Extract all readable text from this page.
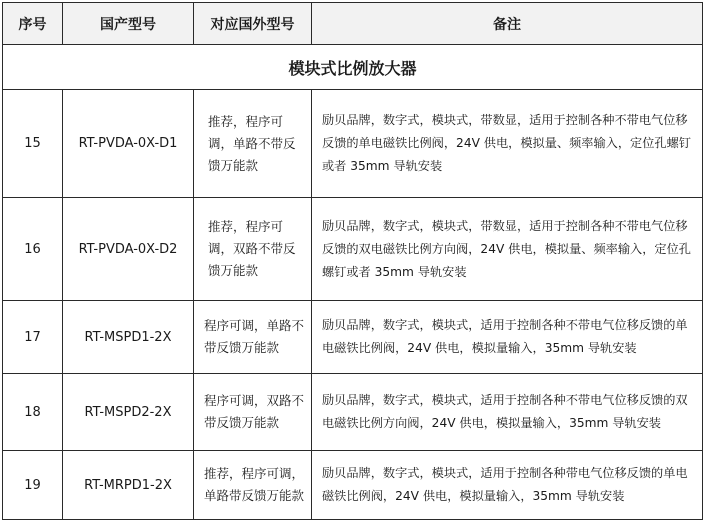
序号	国产型号	对应国外型号	备注
模块式比例放大器			
15	RT-PVDA-0X-D1	推荐，程序可调，单路不带反馈万能款	励贝品牌，数字式，模块式，带数显，适用于控制各种不带电气位移反馈的单电磁铁比例阀，24V 供电，模拟量、频率输入，定位孔螺钉或者 35mm 导轨安装
16	RT-PVDA-0X-D2	推荐，程序可调，双路不带反馈万能款	励贝品牌，数字式，模块式，带数显，适用于控制各种不带电气位移反馈的双电磁铁比例方向阀，24V 供电，模拟量、频率输入，定位孔螺钉或者 35mm 导轨安装
17	RT-MSPD1-2X	程序可调，单路不带反馈万能款	励贝品牌，数字式，模块式，适用于控制各种不带电气位移反馈的单电磁铁比例阀，24V 供电，模拟量输入，35mm 导轨安装
18	RT-MSPD2-2X	程序可调，双路不带反馈万能款	励贝品牌，数字式，模块式，适用于控制各种不带电气位移反馈的双电磁铁比例方向阀，24V 供电，模拟量输入，35mm 导轨安装
19	RT-MRPD1-2X	推荐，程序可调，单路带反馈万能款	励贝品牌，数字式，模块式，适用于控制各种带电气位移反馈的单电磁铁比例阀，24V 供电，模拟量输入，35mm 导轨安装
